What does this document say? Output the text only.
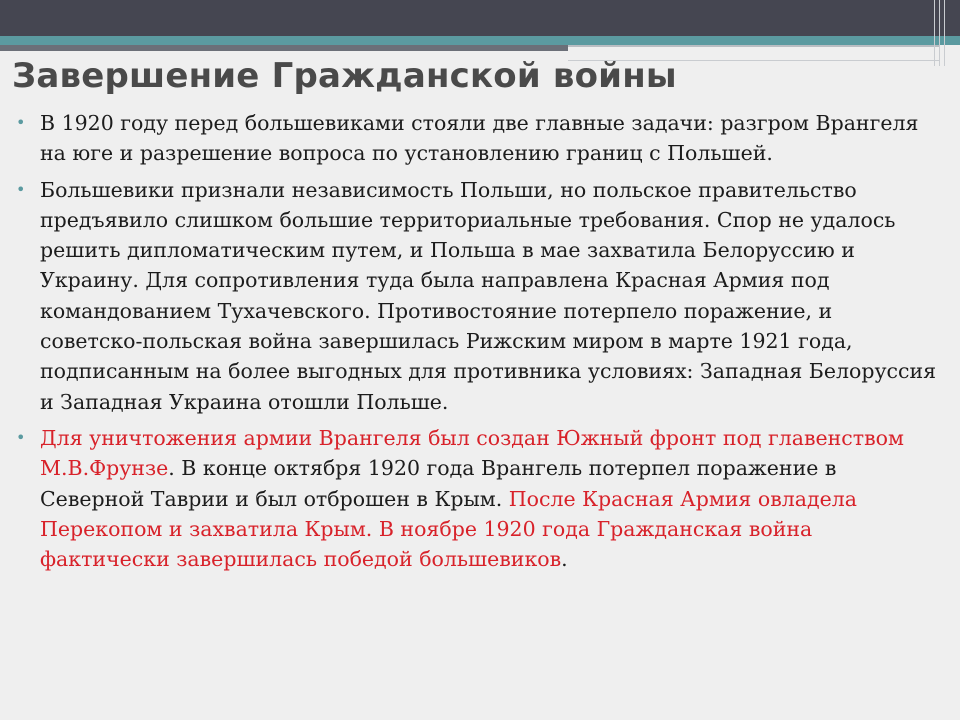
Завершение Гражданской войны
• В 1920 году перед большевиками стояли две главные задачи: разгром Врангеля на юге и разрешение вопроса по установлению границ с Польшей.
• Большевики признали независимость Польши, но польское правительство предъявило слишком большие территориальные требования. Спор не удалось решить дипломатическим путем, и Польша в мае захватила Белоруссию и Украину. Для сопротивления туда была направлена Красная Армия под командованием Тухачевского. Противостояние потерпело поражение, и советско-польская война завершилась Рижским миром в марте 1921 года, подписанным на более выгодных для противника условиях: Западная Белоруссия и Западная Украина отошли Польше.
• Для уничтожения армии Врангеля был создан Южный фронт под главенством М.В.Фрунзе. В конце октября 1920 года Врангель потерпел поражение в Северной Таврии и был отброшен в Крым. После Красная Армия овладела Перекопом и захватила Крым. В ноябре 1920 года Гражданская война фактически завершилась победой большевиков.
